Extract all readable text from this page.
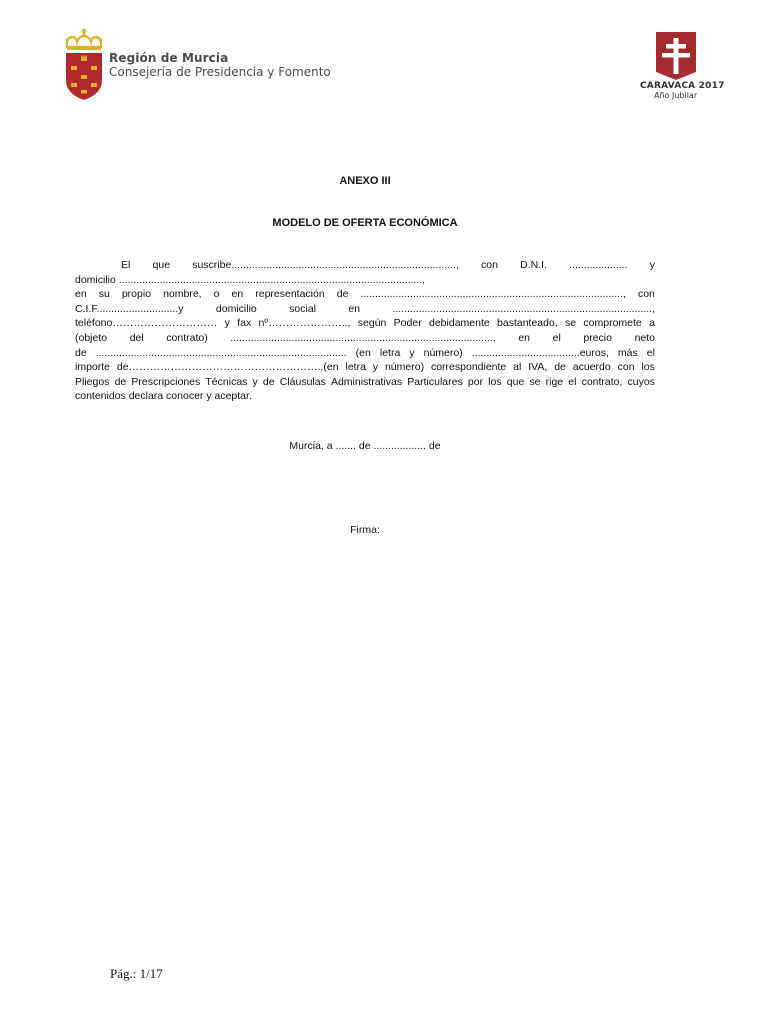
Región de Murcia
Consejería de Presidencia y Fomento
CARAVACA 2017
Año Jubilar
ANEXO III
MODELO DE OFERTA ECONÓMICA
El que suscribe............................................................................., con D.N.I. .................... y
domicilio ........................................................................................................,
en su propio nombre, o en representación de .........................................................................................., con
C.I.F............................y	domicilio	social	en	.........................................................................................,
teléfono………………………… y fax nº………………….., según Poder debidamente bastanteado, se compromete a
(objeto del contrato) .........................................................................................., en el precio neto
de ...................................................................................... (en letra y número) .....................................euros, más el
importe de………………………………………………..(en letra y número) correspondiente al IVA, de acuerdo con los
Pliegos de Prescripciones Técnicas y de Cláusulas Administrativas Particulares por los que se rige el contrato, cuyos
contenidos declara conocer y aceptar.
Murcia, a ....... de .................. de
Firma:
Pág.: 1/17
